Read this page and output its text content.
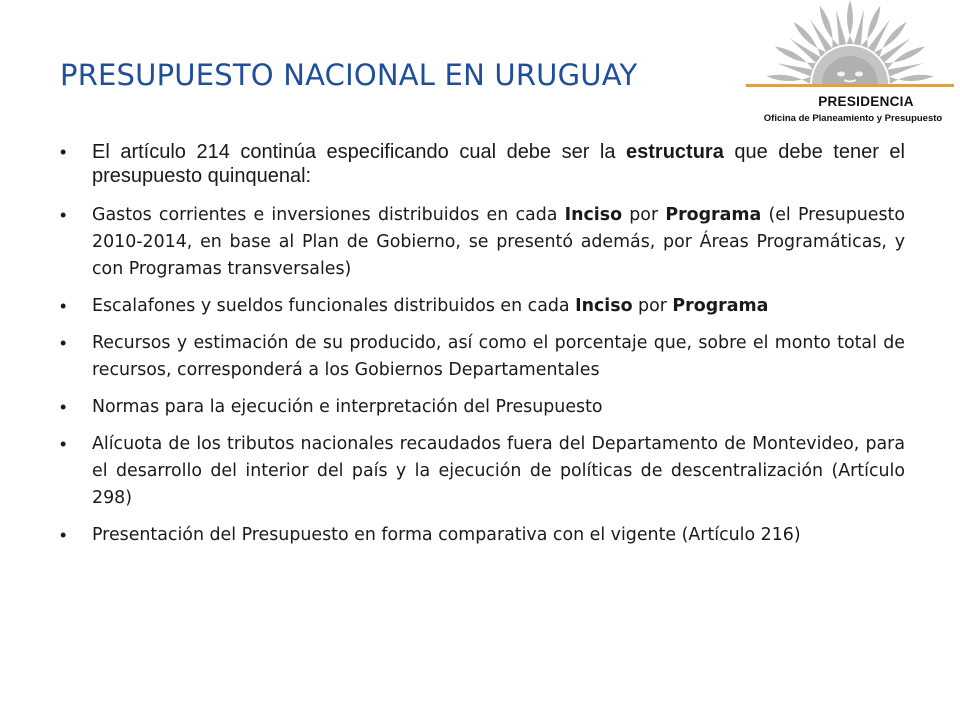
PRESUPUESTO NACIONAL EN URUGUAY
PRESIDENCIA
Oficina de Planeamiento y Presupuesto
• El artículo 214 continúa especificando cual debe ser la estructura que debe tener el presupuesto quinquenal:
• Gastos corrientes e inversiones distribuidos en cada Inciso por Programa (el Presupuesto 2010-2014, en base al Plan de Gobierno, se presentó además, por Áreas Programáticas, y con Programas transversales)
• Escalafones y sueldos funcionales distribuidos en cada Inciso por Programa
• Recursos y estimación de su producido, así como el porcentaje que, sobre el monto total de recursos, corresponderá a los Gobiernos Departamentales
• Normas para la ejecución e interpretación del Presupuesto
• Alícuota de los tributos nacionales recaudados fuera del Departamento de Montevideo, para el desarrollo del interior del país y la ejecución de políticas de descentralización (Artículo 298)
• Presentación del Presupuesto en forma comparativa con el vigente (Artículo 216)
